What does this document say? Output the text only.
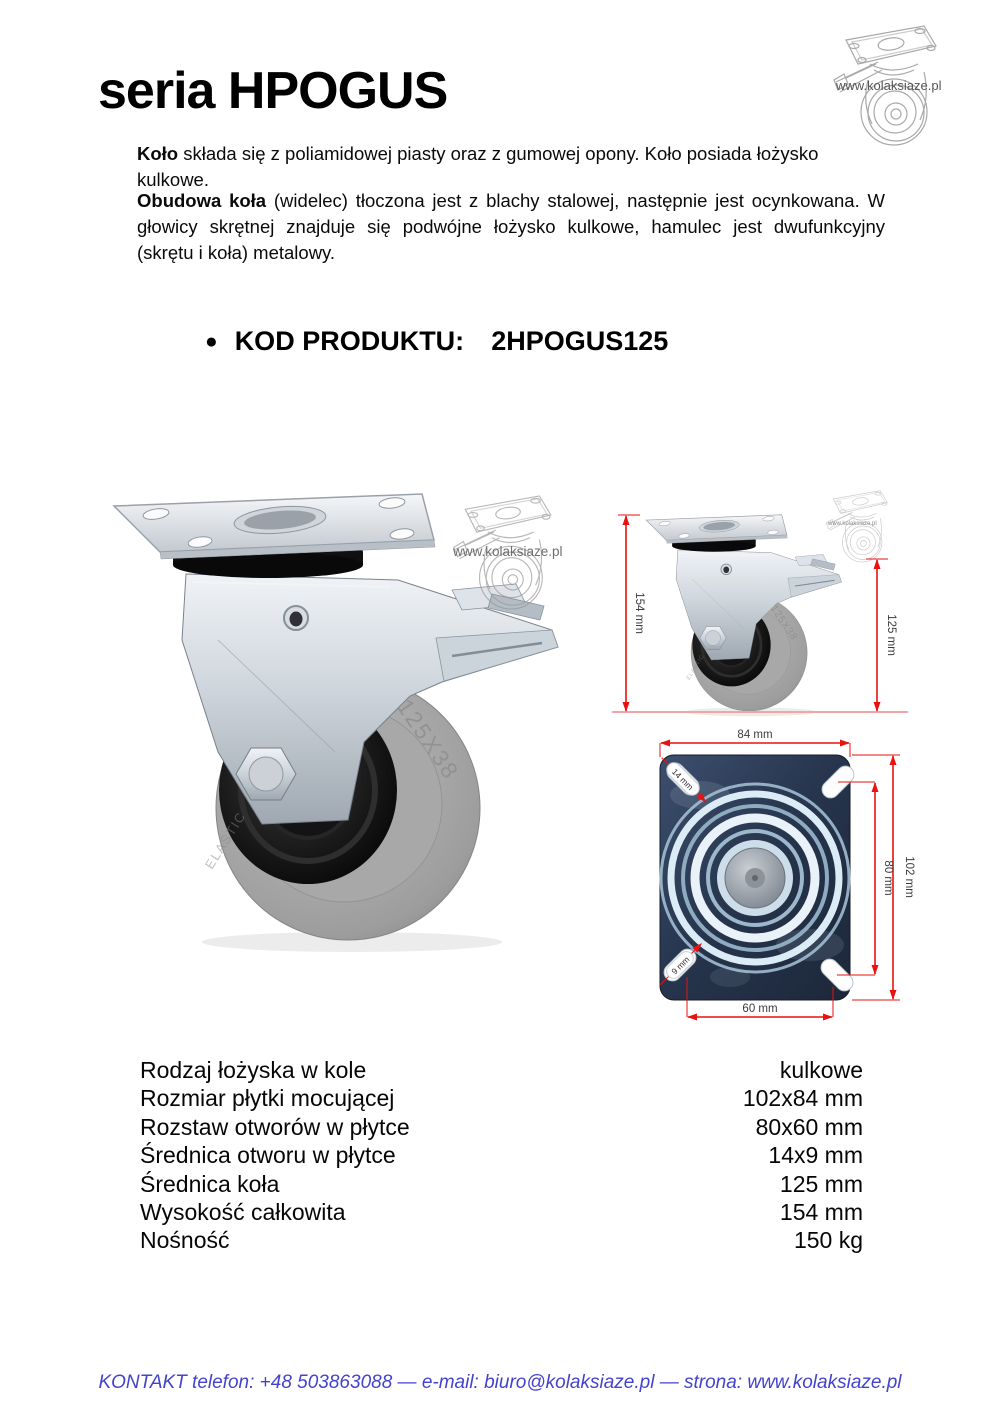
www.kolaksiaze.pl
seria HPOGUS
Koło składa się z poliamidowej piasty oraz z gumowej opony. Koło posiada łożysko kulkowe.
Obudowa koła (widelec) tłoczona jest z blachy stalowej, następnie jest ocynkowana. W głowicy skrętnej znajduje się podwójne łożysko kulkowe, hamulec jest dwufunkcyjny (skrętu i koła) metalowy.
● KOD PRODUKTU: 2HPOGUS125
www.kolaksiaze.pl
www.kolaksiaze.pl
154 mm
125 mm
84 mm
102 mm
80 mm
60 mm
14 mm
9 mm
Rodzaj łożyska w kole	kulkowe
Rozmiar płytki mocującej	102x84 mm
Rozstaw otworów w płytce	80x60 mm
Średnica otworu w płytce	14x9 mm
Średnica koła	125 mm
Wysokość całkowita	154 mm
Nośność	150 kg
KONTAKT telefon: +48 503863088 — e-mail: biuro@kolaksiaze.pl — strona: www.kolaksiaze.pl
